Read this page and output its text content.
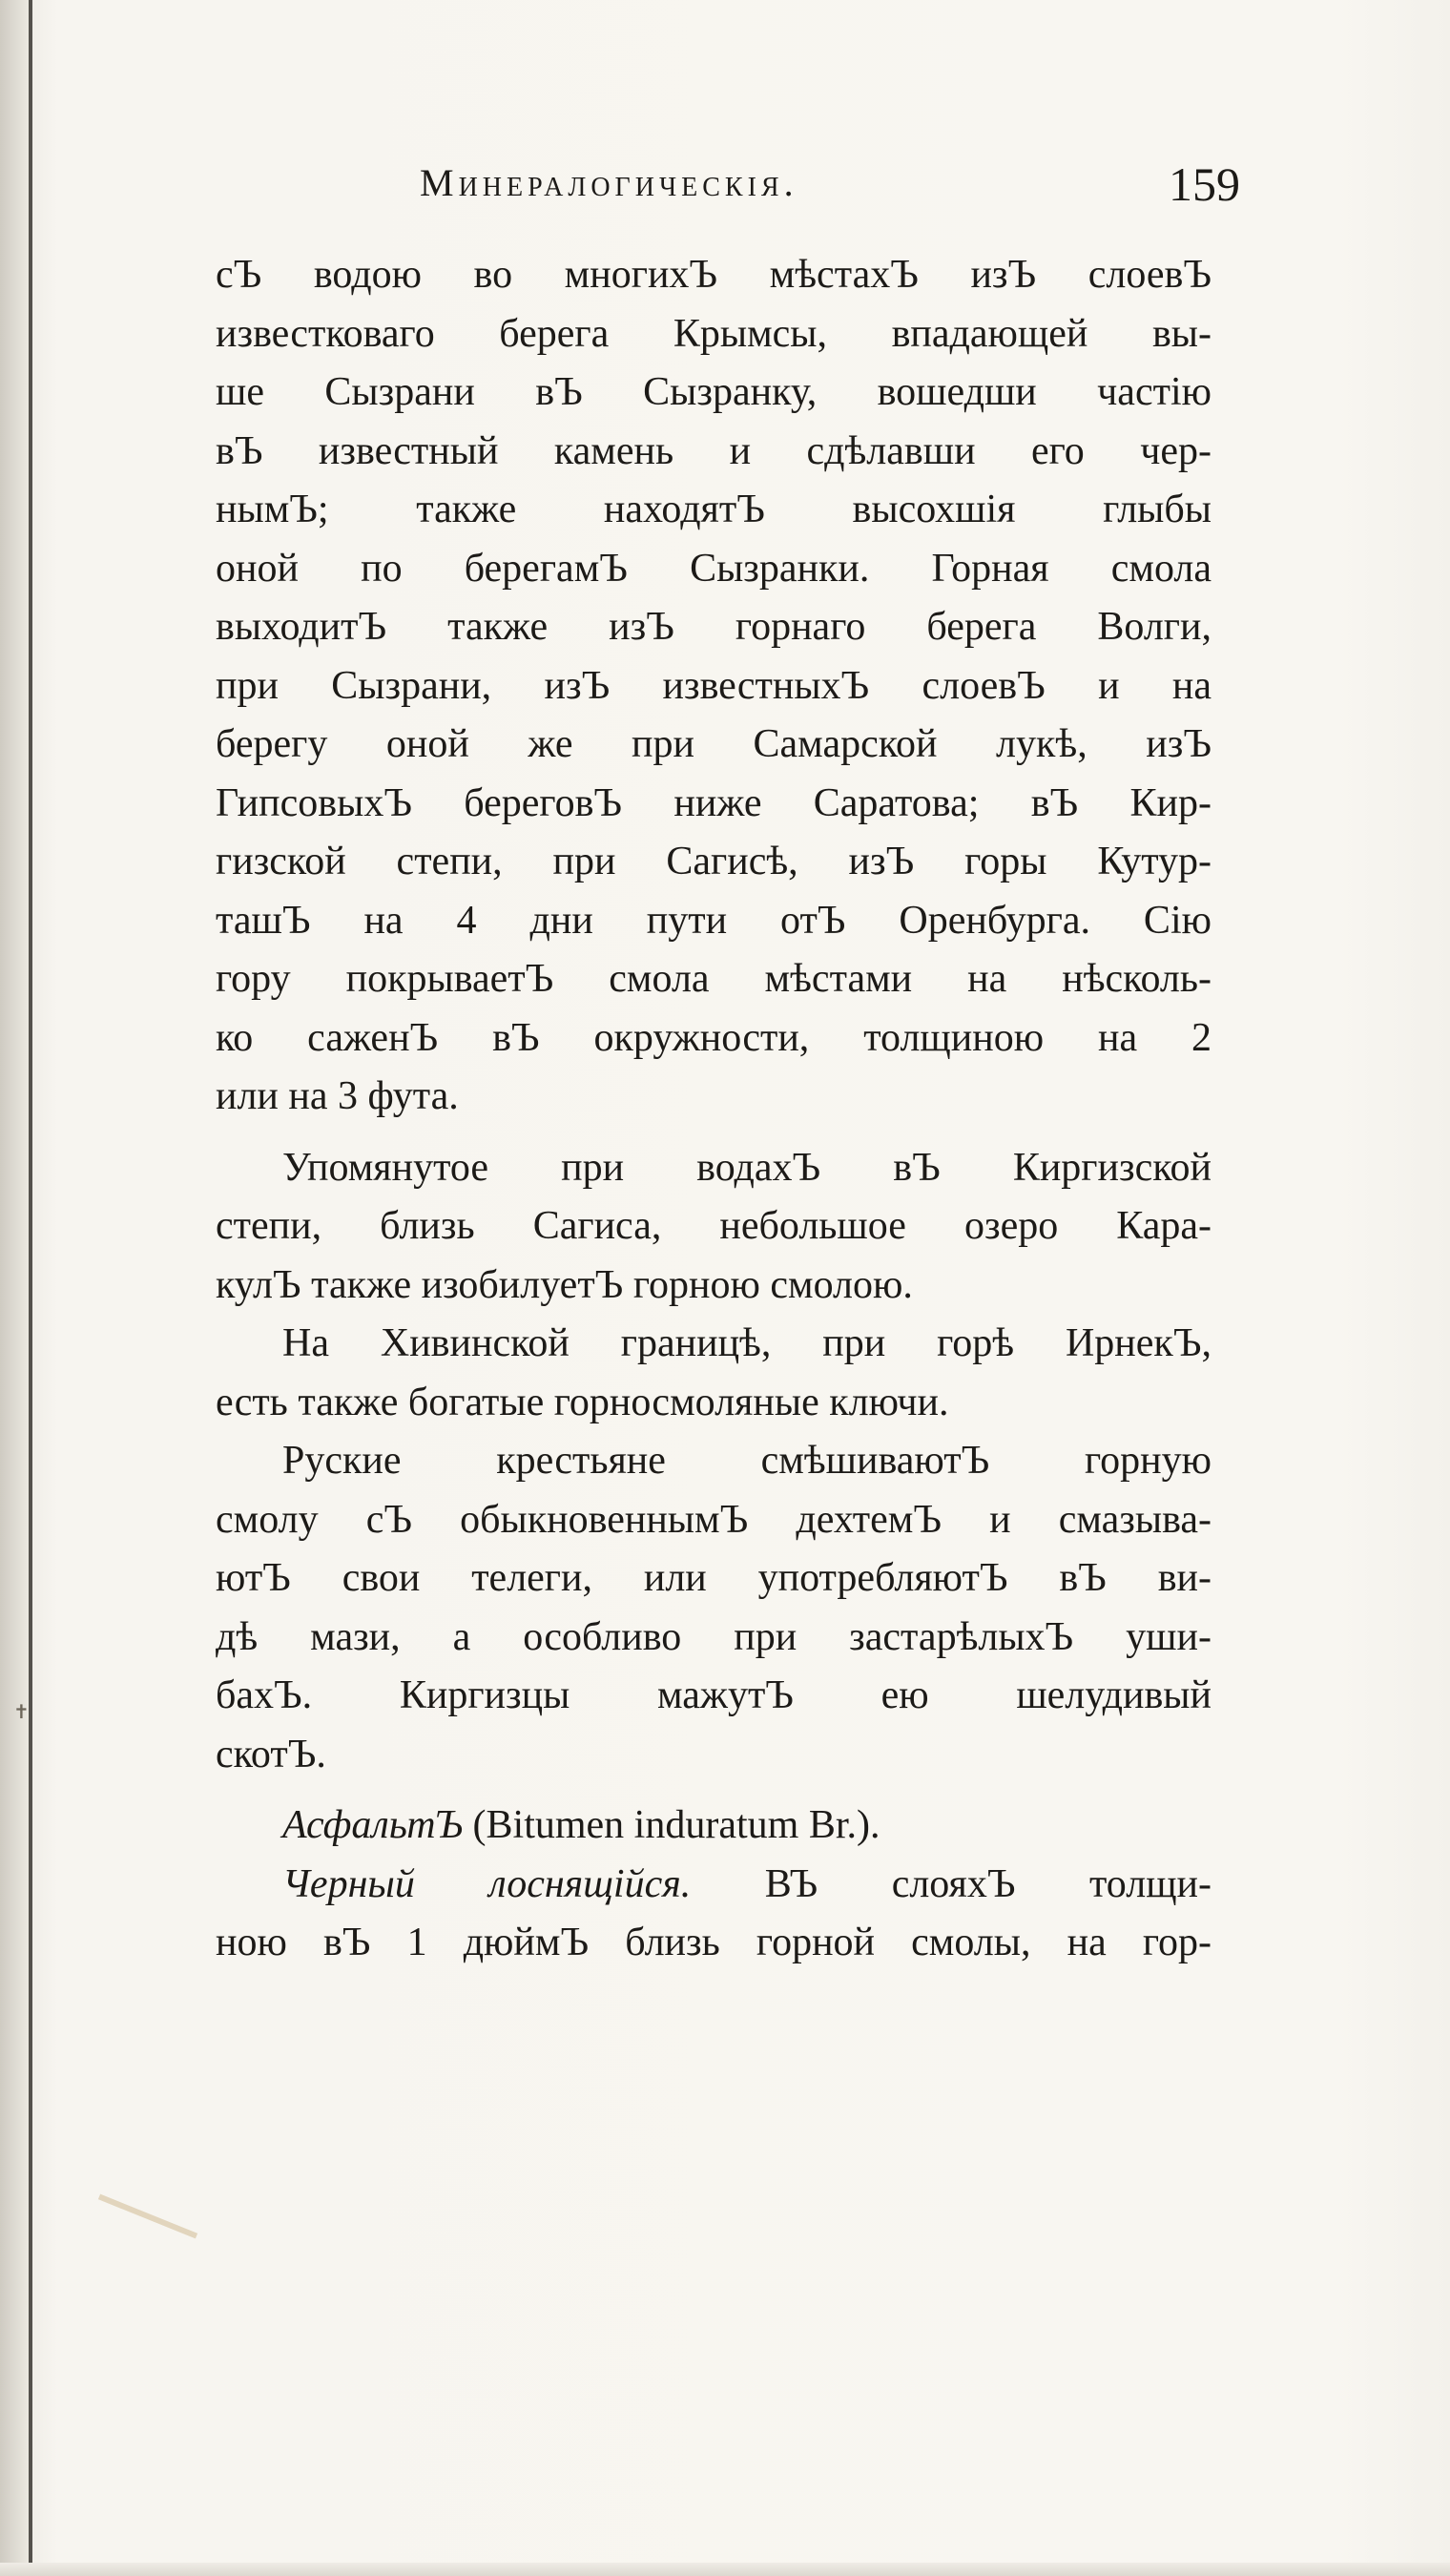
Минералогическія.	159
сЪ водою во многихЪ мѣстахЪ изЪ слоевЪ
известковаго берега Крымсы, впадающей вы-
ше Сызрани вЪ Сызранку, вошедши частію
вЪ известный камень и сдѣлавши его чер-
нымЪ; также находятЪ высохшія глыбы
оной по берегамЪ Сызранки. Горная смола
выходитЪ также изЪ горнаго берега Волги,
при Сызрани, изЪ известныхЪ слоевЪ и на
берегу оной же при Самарской лукѣ, изЪ
ГипсовыхЪ береговЪ ниже Саратова; вЪ Кир-
гизской степи, при Сагисѣ, изЪ горы Кутур-
ташЪ на 4 дни пути отЪ Оренбурга. Сію
гору покрываетЪ смола мѣстами на нѣсколь-
ко саженЪ вЪ окружности, толщиною на 2
или на 3 фута.
Упомянутое при водахЪ вЪ Киргизской
степи, близь Сагиса, небольшое озеро Кара-
кулЪ также изобилуетЪ горною смолою.
На Хивинской границѣ, при горѣ ИрнекЪ,
есть также богатые горносмоляные ключи.
Руские крестьяне смѣшиваютЪ горную
смолу сЪ обыкновеннымЪ дехтемЪ и смазыва-
ютЪ свои телеги, или употребляютЪ вЪ ви-
дѣ мази, а особливо при застарѣлыхЪ уши-
бахЪ. Киргизцы мажутЪ ею шелудивый
скотЪ.
АсфальтЪ (Bitumen induratum Br.).
Черный лоснящійся. ВЪ слояхЪ толщи-
ною вЪ 1 дюймЪ близь горной смолы, на гор-
✝
